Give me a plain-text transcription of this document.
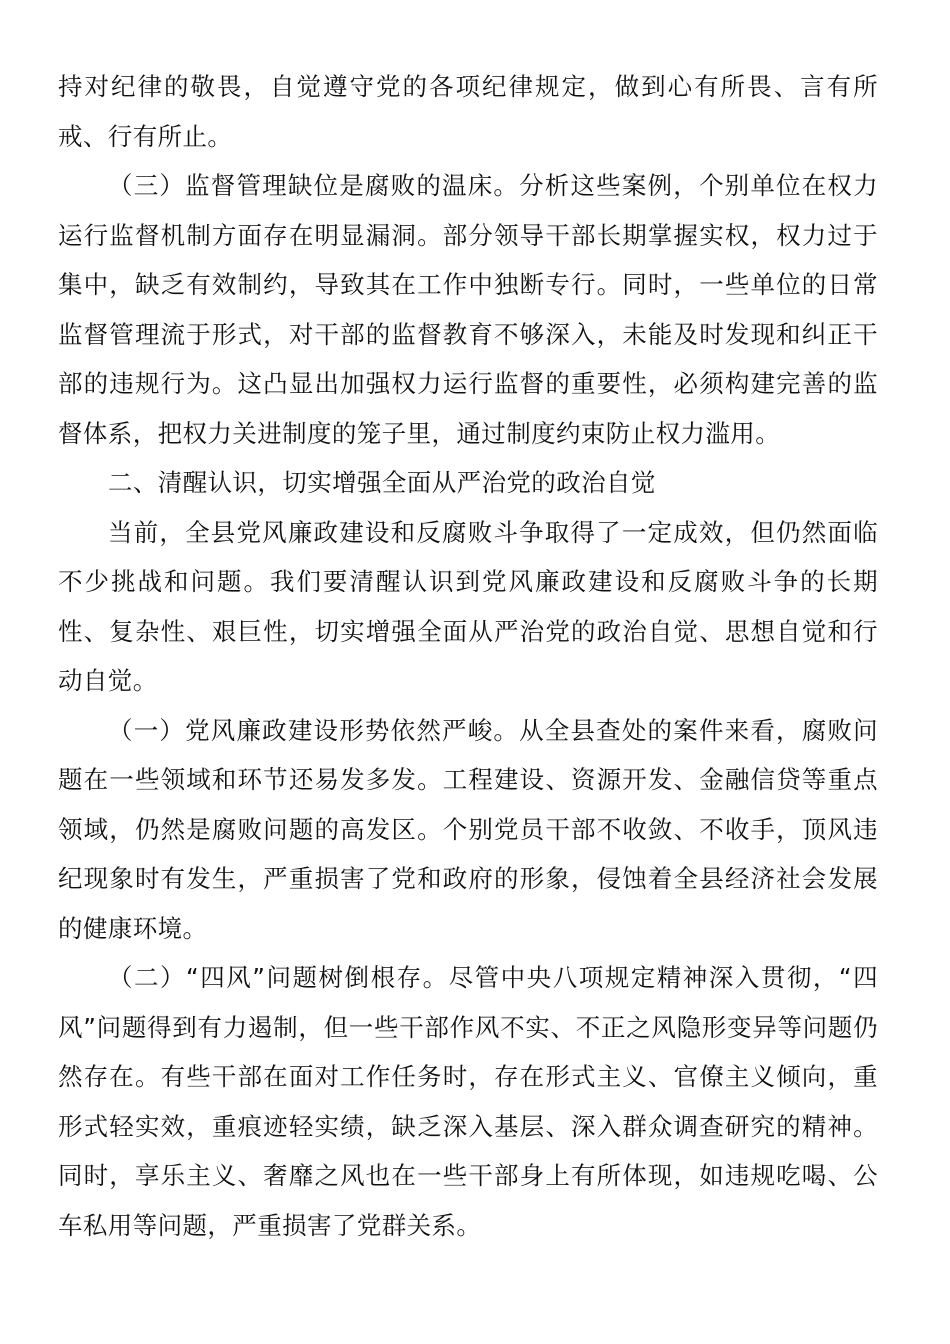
持对纪律的敬畏，自觉遵守党的各项纪律规定，做到心有所畏、言有所戒、行有所止。

（三）监督管理缺位是腐败的温床。分析这些案例，个别单位在权力运行监督机制方面存在明显漏洞。部分领导干部长期掌握实权，权力过于集中，缺乏有效制约，导致其在工作中独断专行。同时，一些单位的日常监督管理流于形式，对干部的监督教育不够深入，未能及时发现和纠正干部的违规行为。这凸显出加强权力运行监督的重要性，必须构建完善的监督体系，把权力关进制度的笼子里，通过制度约束防止权力滥用。

二、清醒认识，切实增强全面从严治党的政治自觉

当前，全县党风廉政建设和反腐败斗争取得了一定成效，但仍然面临不少挑战和问题。我们要清醒认识到党风廉政建设和反腐败斗争的长期性、复杂性、艰巨性，切实增强全面从严治党的政治自觉、思想自觉和行动自觉。

（一）党风廉政建设形势依然严峻。从全县查处的案件来看，腐败问题在一些领域和环节还易发多发。工程建设、资源开发、金融信贷等重点领域，仍然是腐败问题的高发区。个别党员干部不收敛、不收手，顶风违纪现象时有发生，严重损害了党和政府的形象，侵蚀着全县经济社会发展的健康环境。

（二）“四风”问题树倒根存。尽管中央八项规定精神深入贯彻，“四风”问题得到有力遏制，但一些干部作风不实、不正之风隐形变异等问题仍然存在。有些干部在面对工作任务时，存在形式主义、官僚主义倾向，重形式轻实效，重痕迹轻实绩，缺乏深入基层、深入群众调查研究的精神。同时，享乐主义、奢靡之风也在一些干部身上有所体现，如违规吃喝、公车私用等问题，严重损害了党群关系。
